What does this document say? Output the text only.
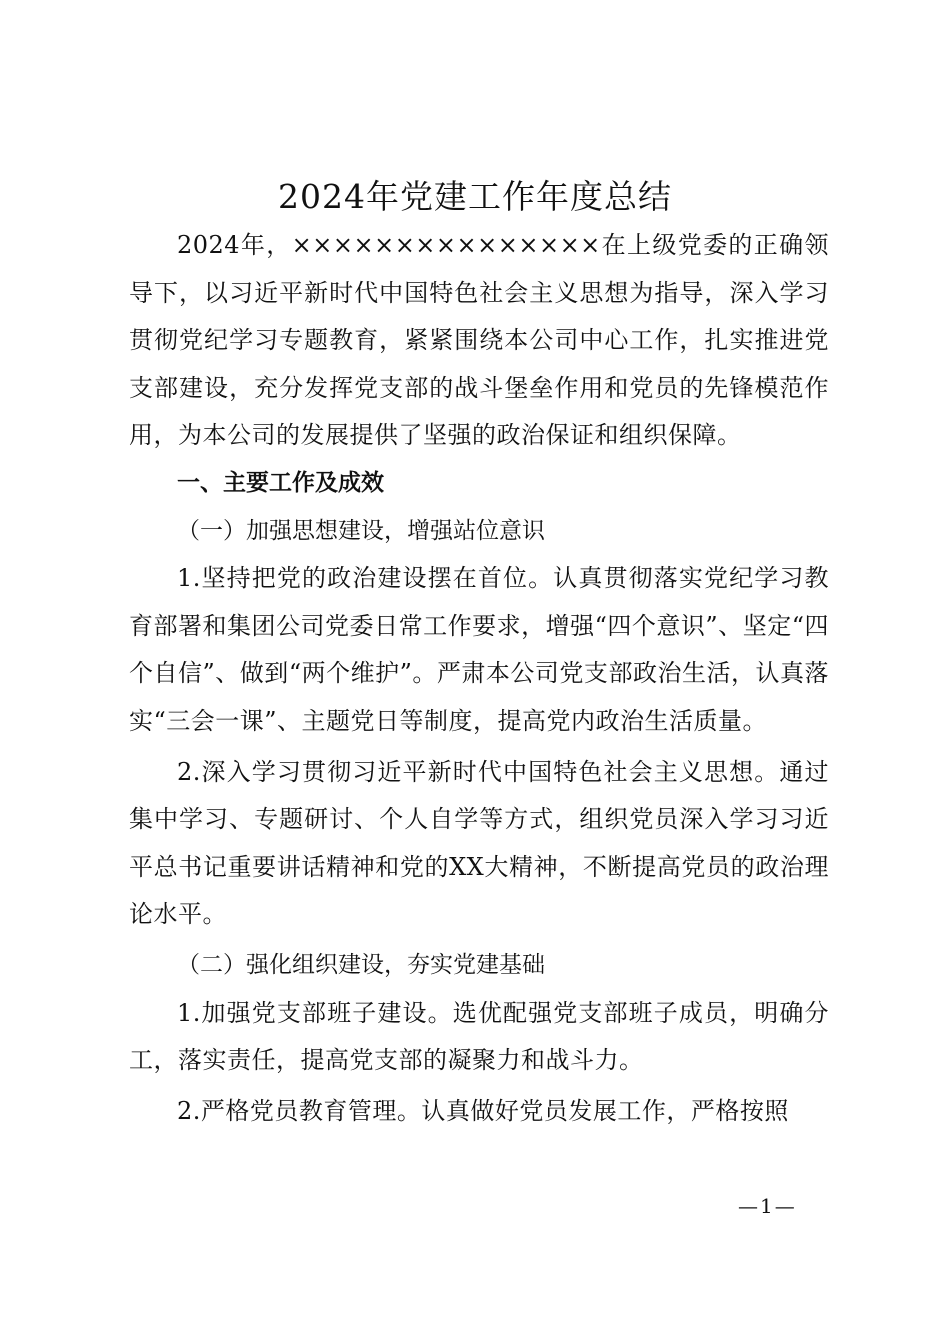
2024年党建工作年度总结

2024年，×××××××××××××××在上级党委的正确领导下，以习近平新时代中国特色社会主义思想为指导，深入学习贯彻党纪学习专题教育，紧紧围绕本公司中心工作，扎实推进党支部建设，充分发挥党支部的战斗堡垒作用和党员的先锋模范作用，为本公司的发展提供了坚强的政治保证和组织保障。

一、主要工作及成效

（一）加强思想建设，增强站位意识

1.坚持把党的政治建设摆在首位。认真贯彻落实党纪学习教育部署和集团公司党委日常工作要求，增强“四个意识”、坚定“四个自信”、做到“两个维护”。严肃本公司党支部政治生活，认真落实“三会一课”、主题党日等制度，提高党内政治生活质量。

2.深入学习贯彻习近平新时代中国特色社会主义思想。通过集中学习、专题研讨、个人自学等方式，组织党员深入学习习近平总书记重要讲话精神和党的XX大精神，不断提高党员的政治理论水平。

（二）强化组织建设，夯实党建基础

1.加强党支部班子建设。选优配强党支部班子成员，明确分工，落实责任，提高党支部的凝聚力和战斗力。

2.严格党员教育管理。认真做好党员发展工作，严格按照

—1—
